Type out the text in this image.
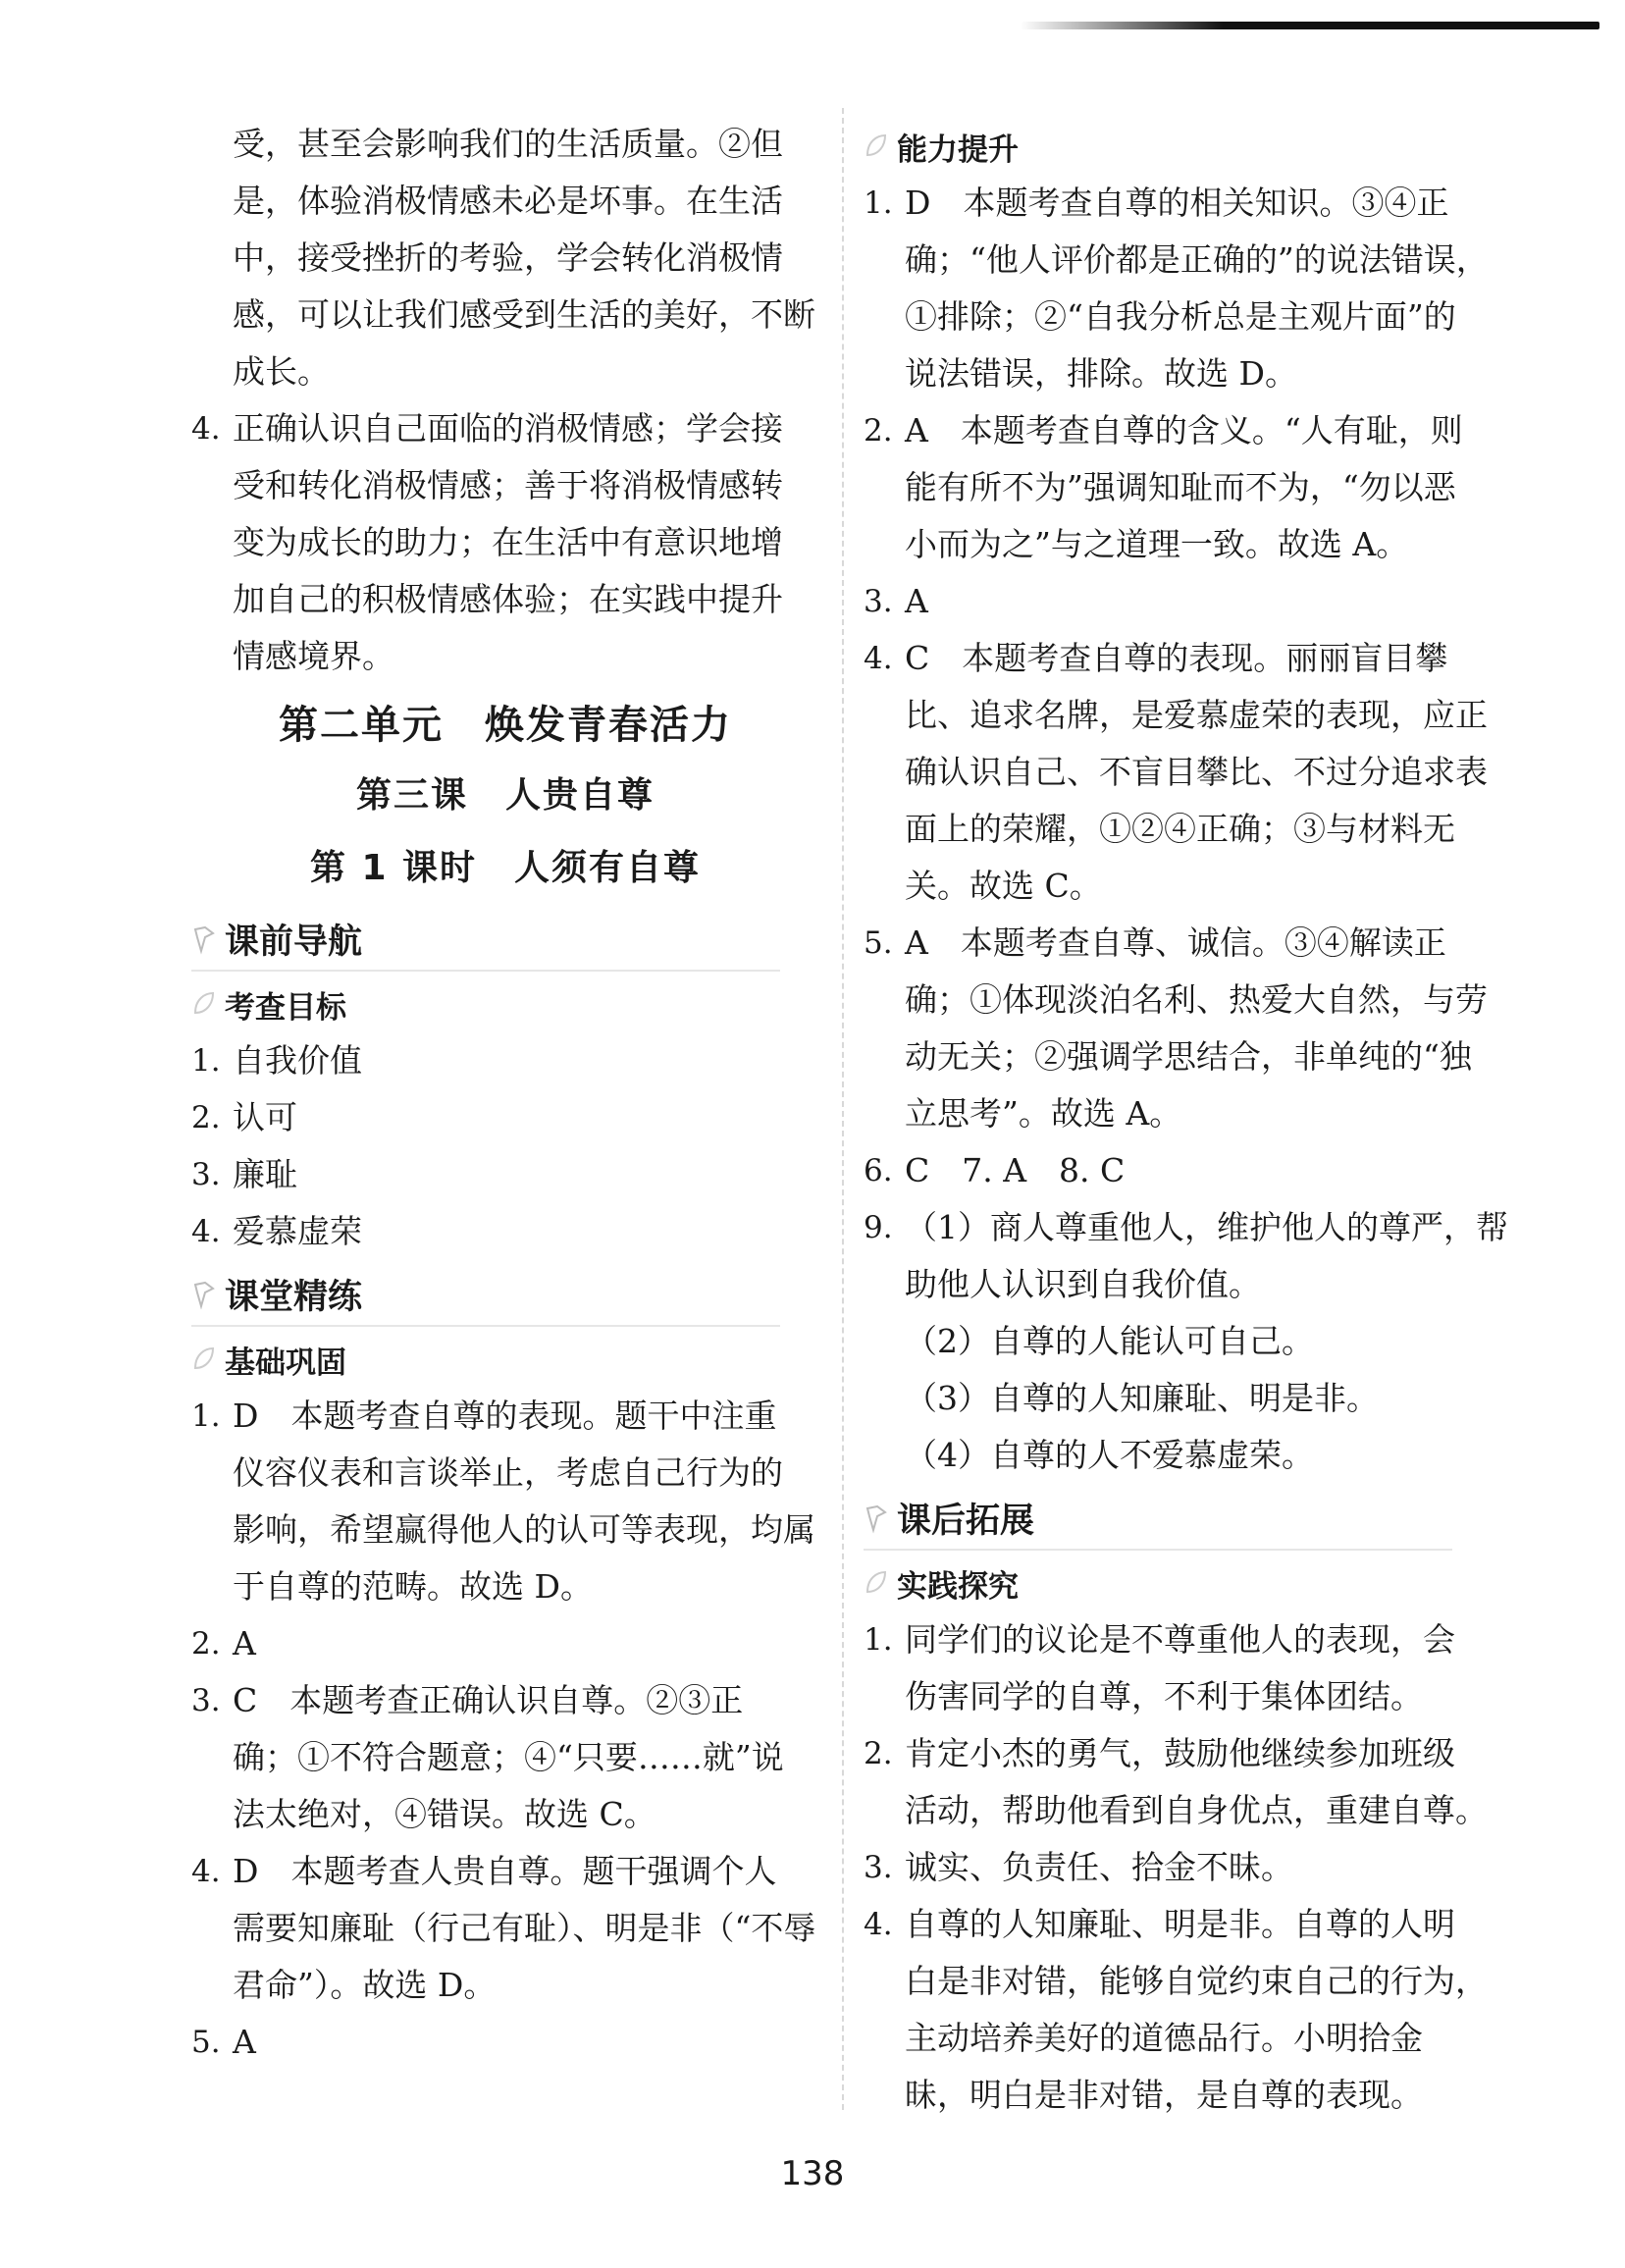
受，甚至会影响我们的生活质量。②但

是，体验消极情感未必是坏事。在生活

中，接受挫折的考验，学会转化消极情

感，可以让我们感受到生活的美好，不断

成长。

4. 正确认识自己面临的消极情感；学会接

受和转化消极情感；善于将消极情感转

变为成长的助力；在生活中有意识地增

加自己的积极情感体验；在实践中提升

情感境界。

第二单元　焕发青春活力
第三课　人贵自尊
第 1 课时　人须有自尊
课前导航
考查目标
1. 自我价值

2. 认可

3. 廉耻

4. 爱慕虚荣

课堂精练
基础巩固
1. D　本题考查自尊的表现。题干中注重

仪容仪表和言谈举止，考虑自己行为的

影响，希望赢得他人的认可等表现，均属

于自尊的范畴。故选 D。

2. A

3. C　本题考查正确认识自尊。②③正

确；①不符合题意；④“只要……就”说

法太绝对，④错误。故选 C。

4. D　本题考查人贵自尊。题干强调个人

需要知廉耻（行己有耻）、明是非（“不辱

君命”）。故选 D。

5. A

能力提升
1. D　本题考查自尊的相关知识。③④正

确；“他人评价都是正确的”的说法错误，

①排除；②“自我分析总是主观片面”的

说法错误，排除。故选 D。

2. A　本题考查自尊的含义。“人有耻，则

能有所不为”强调知耻而不为，“勿以恶

小而为之”与之道理一致。故选 A。

3. A

4. C　本题考查自尊的表现。丽丽盲目攀

比、追求名牌，是爱慕虚荣的表现，应正

确认识自己、不盲目攀比、不过分追求表

面上的荣耀，①②④正确；③与材料无

关。故选 C。

5. A　本题考查自尊、诚信。③④解读正

确；①体现淡泊名利、热爱大自然，与劳

动无关；②强调学思结合，非单纯的“独

立思考”。故选 A。

6. C　7. A　8. C

9. （1）商人尊重他人，维护他人的尊严，帮

助他人认识到自我价值。

（2）自尊的人能认可自己。

（3）自尊的人知廉耻、明是非。

（4）自尊的人不爱慕虚荣。

课后拓展
实践探究
1. 同学们的议论是不尊重他人的表现，会

伤害同学的自尊，不利于集体团结。

2. 肯定小杰的勇气，鼓励他继续参加班级

活动，帮助他看到自身优点，重建自尊。

3. 诚实、负责任、拾金不昧。

4. 自尊的人知廉耻、明是非。自尊的人明

白是非对错，能够自觉约束自己的行为，

主动培养美好的道德品行。小明拾金

昧，明白是非对错，是自尊的表现。

138
